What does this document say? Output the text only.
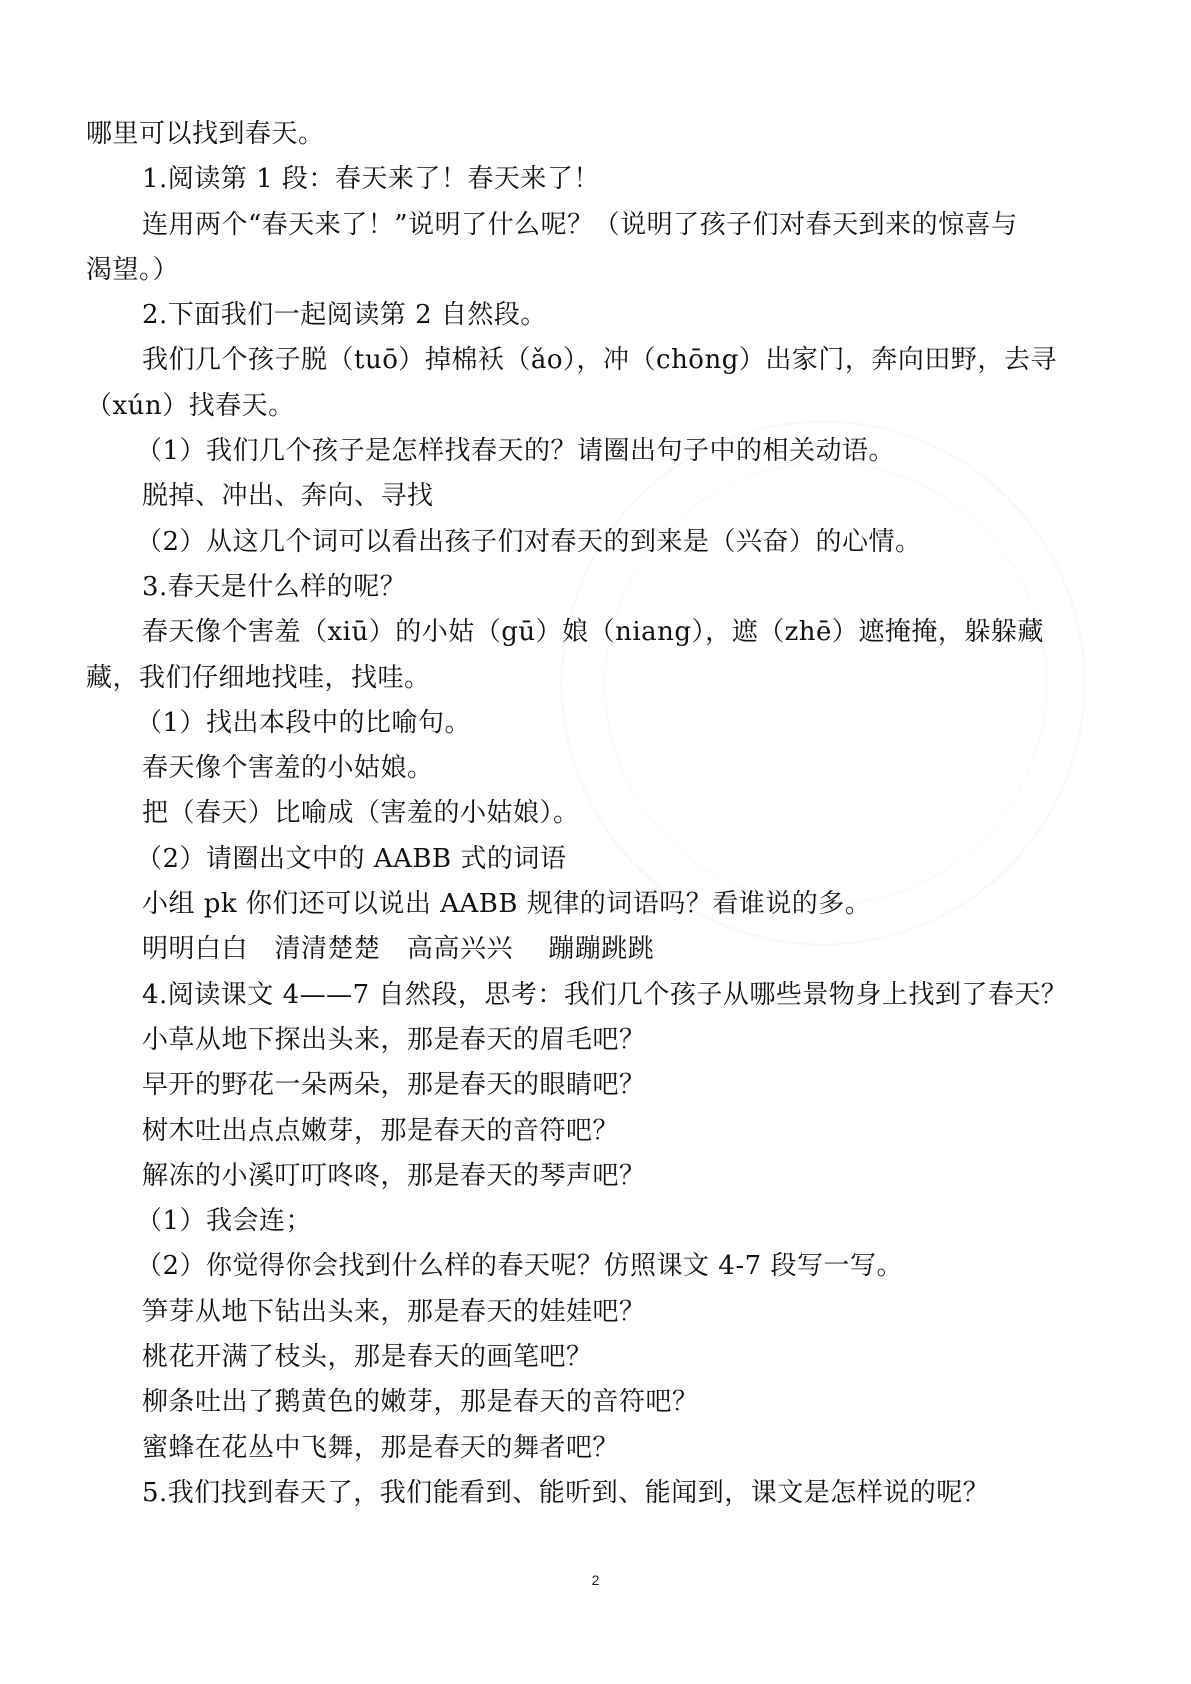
哪里可以找到春天。
1.阅读第 1 段：春天来了！春天来了！
连用两个“春天来了！”说明了什么呢？（说明了孩子们对春天到来的惊喜与
渴望。）
2.下面我们一起阅读第 2 自然段。
我们几个孩子脱（tuō）掉棉袄（ǎo），冲（chōng）出家门，奔向田野，去寻
（xún）找春天。
（1）我们几个孩子是怎样找春天的？请圈出句子中的相关动语。
脱掉、冲出、奔向、寻找
（2）从这几个词可以看出孩子们对春天的到来是（兴奋）的心情。
3.春天是什么样的呢？
春天像个害羞（xiū）的小姑（gū）娘（niang），遮（zhē）遮掩掩，躲躲藏
藏，我们仔细地找哇，找哇。
（1）找出本段中的比喻句。
春天像个害羞的小姑娘。
把（春天）比喻成（害羞的小姑娘）。
（2）请圈出文中的 AABB 式的词语
小组 pk 你们还可以说出 AABB 规律的词语吗？看谁说的多。
明明白白　清清楚楚　高高兴兴　 蹦蹦跳跳
4.阅读课文 4——7 自然段，思考：我们几个孩子从哪些景物身上找到了春天？
小草从地下探出头来，那是春天的眉毛吧？
早开的野花一朵两朵，那是春天的眼睛吧？
树木吐出点点嫩芽，那是春天的音符吧？
解冻的小溪叮叮咚咚，那是春天的琴声吧？
（1）我会连；
（2）你觉得你会找到什么样的春天呢？仿照课文 4-7 段写一写。
笋芽从地下钻出头来，那是春天的娃娃吧？
桃花开满了枝头，那是春天的画笔吧？
柳条吐出了鹅黄色的嫩芽，那是春天的音符吧？
蜜蜂在花丛中飞舞，那是春天的舞者吧？
5.我们找到春天了，我们能看到、能听到、能闻到，课文是怎样说的呢？
2
